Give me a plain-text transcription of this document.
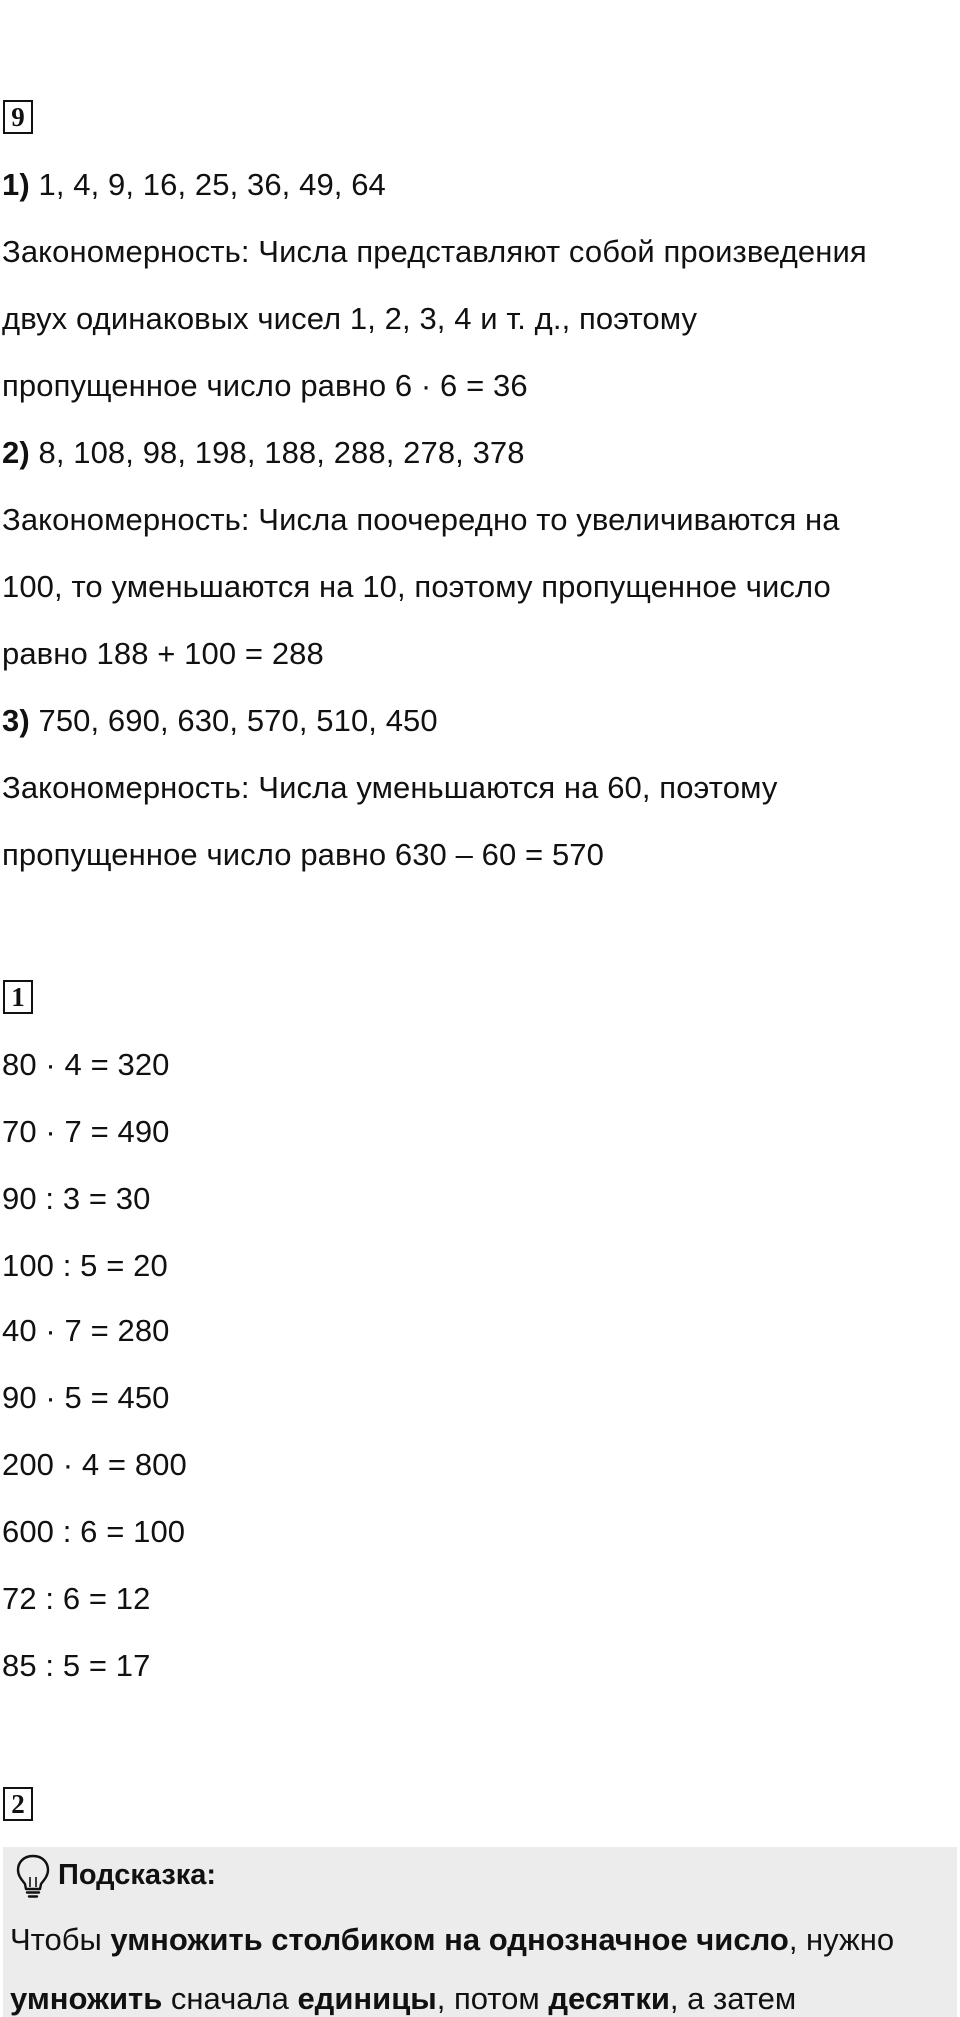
9
1) 1, 4, 9, 16, 25, 36, 49, 64
Закономерность: Числа представляют собой произведения
двух одинаковых чисел 1, 2, 3, 4 и т. д., поэтому
пропущенное число равно 6 · 6 = 36
2) 8, 108, 98, 198, 188, 288, 278, 378
Закономерность: Числа поочередно то увеличиваются на
100, то уменьшаются на 10, поэтому пропущенное число
равно 188 + 100 = 288
3) 750, 690, 630, 570, 510, 450
Закономерность: Числа уменьшаются на 60, поэтому
пропущенное число равно 630 – 60 = 570
1
80 · 4 = 320
70 · 7 = 490
90 : 3 = 30
100 : 5 = 20
40 · 7 = 280
90 · 5 = 450
200 · 4 = 800
600 : 6 = 100
72 : 6 = 12
85 : 5 = 17
2
Подсказка:
Чтобы умножить столбиком на однозначное число, нужно
умножить сначала единицы, потом десятки, а затем
